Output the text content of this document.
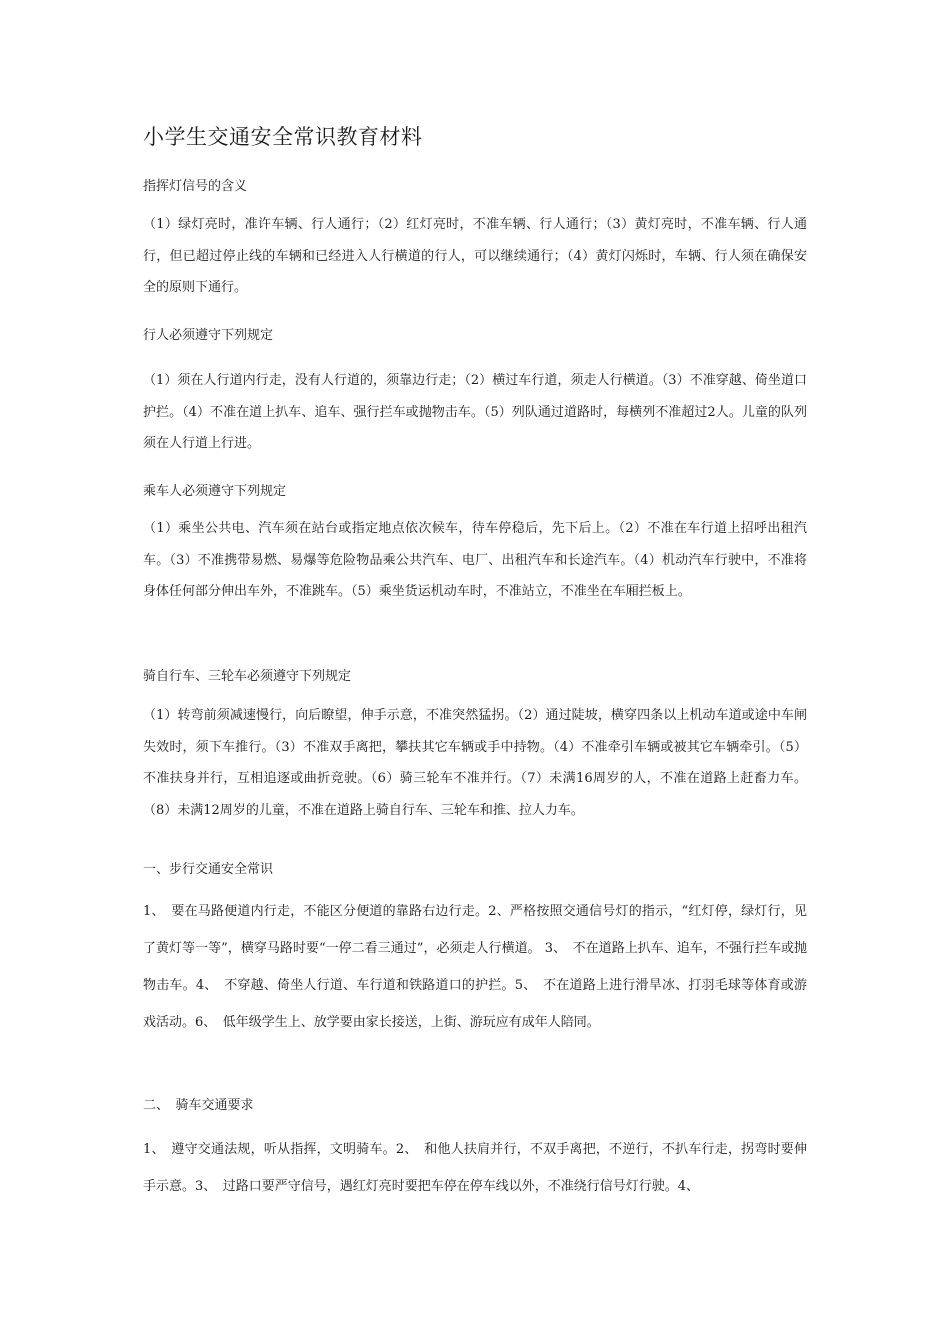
小学生交通安全常识教育材料
指挥灯信号的含义
（1）绿灯亮时，准许车辆、行人通行；（2）红灯亮时，不准车辆、行人通行；（3）黄灯亮时，不准车辆、行人通行，但已超过停止线的车辆和已经进入人行横道的行人，可以继续通行；（4）黄灯闪烁时，车辆、行人须在确保安全的原则下通行。
行人必须遵守下列规定
（1）须在人行道内行走，没有人行道的，须靠边行走；（2）横过车行道，须走人行横道。（3）不准穿越、倚坐道口护拦。（4）不准在道上扒车、追车、强行拦车或抛物击车。（5）列队通过道路时，每横列不准超过2人。儿童的队列须在人行道上行进。
乘车人必须遵守下列规定
（1）乘坐公共电、汽车须在站台或指定地点依次候车，待车停稳后，先下后上。（2）不准在车行道上招呼出租汽车。（3）不准携带易燃、易爆等危险物品乘公共汽车、电厂、出租汽车和长途汽车。（4）机动汽车行驶中，不准将身体任何部分伸出车外，不准跳车。（5）乘坐货运机动车时，不准站立，不准坐在车厢拦板上。
骑自行车、三轮车必须遵守下列规定
（1）转弯前须减速慢行，向后瞭望，伸手示意，不准突然猛拐。（2）通过陡坡，横穿四条以上机动车道或途中车闸失效时，须下车推行。（3）不准双手离把，攀扶其它车辆或手中持物。（4）不准牵引车辆或被其它车辆牵引。（5）不准扶身并行，互相追逐或曲折竞驶。（6）骑三轮车不准并行。（7）未满16周岁的人，不准在道路上赶畜力车。（8）未满12周岁的儿童，不准在道路上骑自行车、三轮车和推、拉人力车。
一、步行交通安全常识
1、　要在马路便道内行走，不能区分便道的靠路右边行走。2、严格按照交通信号灯的指示，“红灯停，绿灯行，见了黄灯等一等”，横穿马路时要“一停二看三通过”，必须走人行横道。 3、　不在道路上扒车、追车，不强行拦车或抛物击车。4、　不穿越、倚坐人行道、车行道和铁路道口的护拦。5、　不在道路上进行滑旱冰、打羽毛球等体育或游戏活动。6、　低年级学生上、放学要由家长接送，上街、游玩应有成年人陪同。
二、　骑车交通要求
1、　遵守交通法规，听从指挥，文明骑车。2、　和他人扶肩并行，不双手离把，不逆行，不扒车行走，拐弯时要伸手示意。3、　过路口要严守信号，遇红灯亮时要把车停在停车线以外，不准绕行信号灯行驶。4、
